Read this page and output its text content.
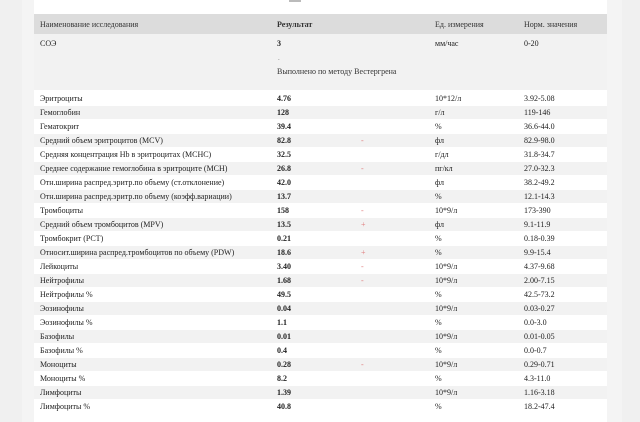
Наименование исследования	Результат	Ед. измерения	Норм. значения
СОЭ	3	мм/час	0-20
.
Выполнено по методу Вестергрена
Эритроциты	4.76	10*12/л	3.92-5.08
Гемоглобин	128	г/л	119-146
Гематокрит	39.4	%	36.6-44.0
Средний объем эритроцитов (MCV)	82.8	-	фл	82.9-98.0
Средняя концентрация Hb в эритроцитах (MCHC)	32.5	г/дл	31.8-34.7
Среднее содержание гемоглобина в эритроците (MCH)	26.8	-	пг/кл	27.0-32.3
Отн.ширина распред.эритр.по объему (ст.отклонение)	42.0	фл	38.2-49.2
Отн.ширина распред.эритр.по объему (коэфф.вариации)	13.7	%	12.1-14.3
Тромбоциты	158	-	10*9/л	173-390
Средний объем тромбоцитов (MPV)	13.5	+	фл	9.1-11.9
Тромбокрит (PCT)	0.21	%	0.18-0.39
Относит.ширина распред.тромбоцитов по объему (PDW)	18.6	+	%	9.9-15.4
Лейкоциты	3.40	-	10*9/л	4.37-9.68
Нейтрофилы	1.68	-	10*9/л	2.00-7.15
Нейтрофилы %	49.5	%	42.5-73.2
Эозинофилы	0.04	10*9/л	0.03-0.27
Эозинофилы %	1.1	%	0.0-3.0
Базофилы	0.01	10*9/л	0.01-0.05
Базофилы %	0.4	%	0.0-0.7
Моноциты	0.28	-	10*9/л	0.29-0.71
Моноциты %	8.2	%	4.3-11.0
Лимфоциты	1.39	10*9/л	1.16-3.18
Лимфоциты %	40.8	%	18.2-47.4
